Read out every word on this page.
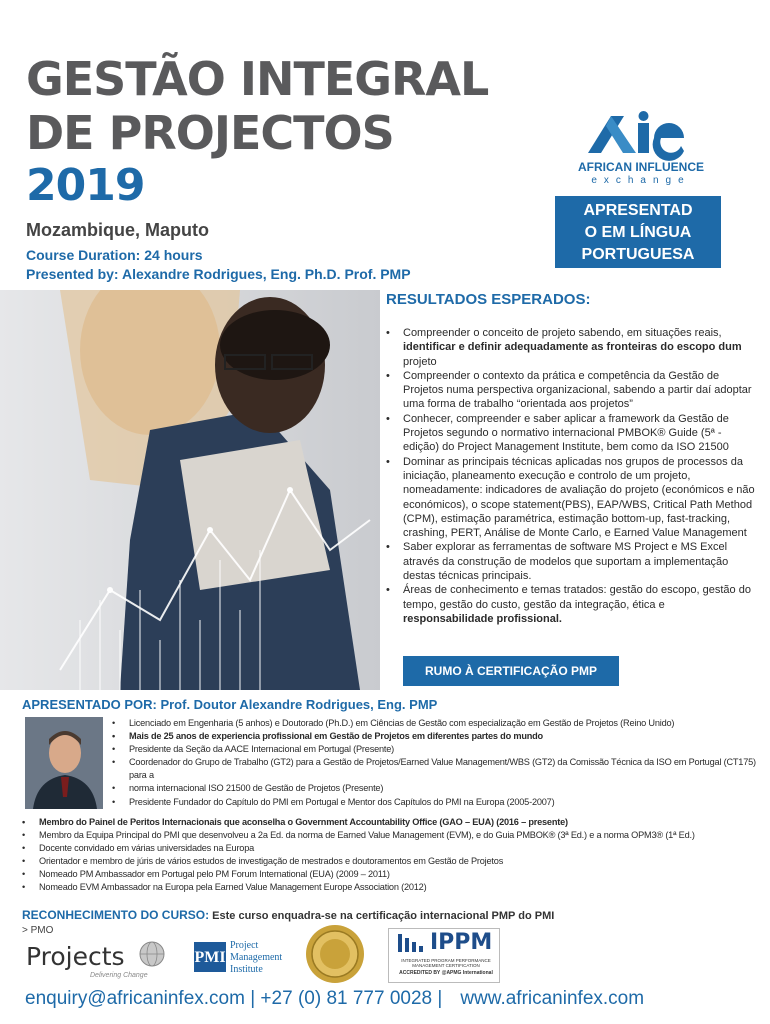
GESTÃO INTEGRAL
DE PROJECTOS
2019
Mozambique, Maputo
Course Duration: 24 hours
Presented by: Alexandre Rodrigues, Eng. Ph.D. Prof. PMP
AFRICAN INFLUENCE
exchange
APRESENTAD
O EM LÍNGUA
PORTUGUESA
RESULTADOS ESPERADOS:
• Compreender o conceito de projeto sabendo, em situações reais, identificar e definir adequadamente as fronteiras do escopo dum projeto
• Compreender o contexto da prática e competência da Gestão de Projetos numa perspectiva organizacional, sabendo a partir daí adoptar uma forma de trabalho “orientada aos projetos”
• Conhecer, compreender e saber aplicar a framework da Gestão de Projetos segundo o normativo internacional PMBOK® Guide (5ª - edição) do Project Management Institute, bem como da ISO 21500
• Dominar as principais técnicas aplicadas nos grupos de processos da iniciação, planeamento execução e controlo de um projeto, nomeadamente: indicadores de avaliação do projeto (económicos e não económicos), o scope statement(PBS), EAP/WBS, Critical Path Method (CPM), estimação paramétrica, estimação bottom-up, fast-tracking, crashing, PERT, Análise de Monte Carlo, e Earned Value Management
• Saber explorar as ferramentas de software MS Project e MS Excel através da construção de modelos que suportam a implementação destas técnicas principais.
• Áreas de conhecimento e temas tratados: gestão do escopo, gestão do tempo, gestão do custo, gestão da integração, ética e responsabilidade profissional.
RUMO À CERTIFICAÇÃO PMP
APRESENTADO POR: Prof. Doutor Alexandre Rodrigues, Eng. PMP
• Licenciado em Engenharia (5 anhos) e Doutorado (Ph.D.) em Ciências de Gestão com especialização em Gestão de Projetos (Reino Unido)
• Mais de 25 anos de experiencia profissional em Gestão de Projetos em diferentes partes do mundo
• Presidente da Seção da AACE Internacional em Portugal (Presente)
• Coordenador do Grupo de Trabalho (GT2) para a Gestão de Projetos/Earned Value Management/WBS (GT2) da Comissão Técnica da ISO em Portugal (CT175) para a
• norma internacional ISO 21500 de Gestão de Projetos (Presente)
• Presidente Fundador do Capítulo do PMI em Portugal e Mentor dos Capítulos do PMI na Europa (2005-2007)
• Membro do Painel de Peritos Internacionais que aconselha o Government Accountability Office (GAO – EUA) (2016 – presente)
• Membro da Equipa Principal do PMI que desenvolveu a 2a Ed. da norma de Earned Value Management (EVM), e do Guia PMBOK® (3ª Ed.) e a norma OPM3® (1ª Ed.)
• Docente convidado em várias universidades na Europa
• Orientador e membro de júris de vários estudos de investigação de mestrados e doutoramentos em Gestão de Projetos
• Nomeado PM Ambassador em Portugal pelo PM Forum International (EUA) (2009 – 2011)
• Nomeado EVM Ambassador na Europa pela Earned Value Management Europe Association (2012)
RECONHECIMENTO DO CURSO: Este curso enquadra-se na certificação internacional PMP do PMI
> PMO
Projects
Delivering Change
PMI
Project
Management
Institute
IPPM
INTEGRATED PROGRAM PERFORMANCE MANAGEMENT CERTIFICATION
ACCREDITED BY @APMG International
enquiry@africaninfex.com | +27 (0) 81 777 0028 | www.africaninfex.com
